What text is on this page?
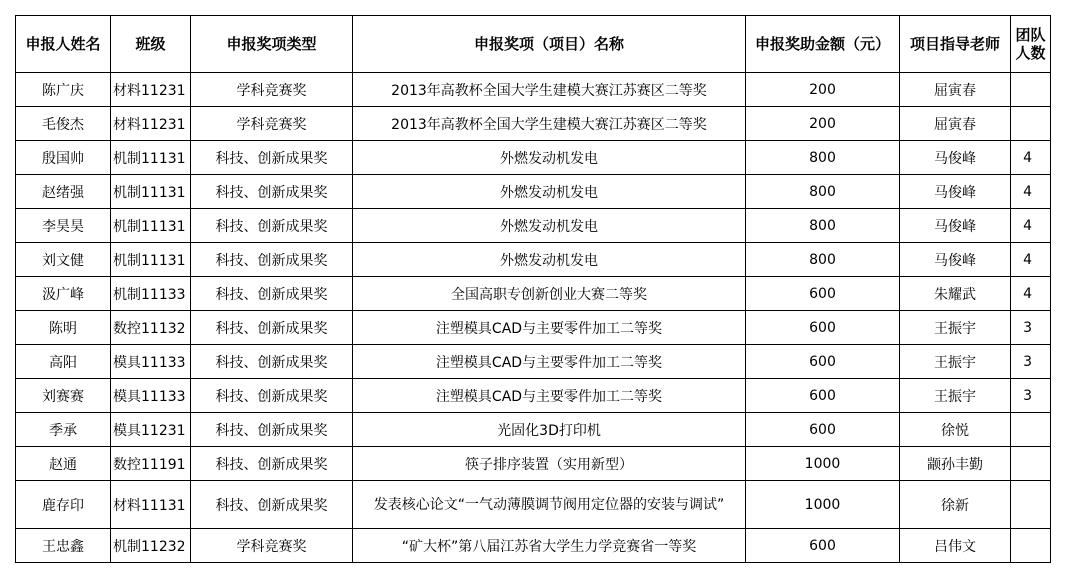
申报人姓名	班级	申报奖项类型	申报奖项（项目）名称	申报奖助金额（元）	项目指导老师	团队人数
陈广庆	材料11231	学科竞赛奖	2013年高教杯全国大学生建模大赛江苏赛区二等奖	200	屈寅春	
毛俊杰	材料11231	学科竞赛奖	2013年高教杯全国大学生建模大赛江苏赛区二等奖	200	屈寅春	
殷国帅	机制11131	科技、创新成果奖	外燃发动机发电	800	马俊峰	4
赵绪强	机制11131	科技、创新成果奖	外燃发动机发电	800	马俊峰	4
李昊昊	机制11131	科技、创新成果奖	外燃发动机发电	800	马俊峰	4
刘文健	机制11131	科技、创新成果奖	外燃发动机发电	800	马俊峰	4
汲广峰	机制11133	科技、创新成果奖	全国高职专创新创业大赛二等奖	600	朱耀武	4
陈明	数控11132	科技、创新成果奖	注塑模具CAD与主要零件加工二等奖	600	王振宇	3
高阳	模具11133	科技、创新成果奖	注塑模具CAD与主要零件加工二等奖	600	王振宇	3
刘赛赛	模具11133	科技、创新成果奖	注塑模具CAD与主要零件加工二等奖	600	王振宇	3
季承	模具11231	科技、创新成果奖	光固化3D打印机	600	徐悦	
赵通	数控11191	科技、创新成果奖	筷子排序装置（实用新型）	1000	颛孙丰勤	
鹿存印	材料11131	科技、创新成果奖	发表核心论文“一气动薄膜调节阀用定位器的安装与调试”	1000	徐新	
王忠鑫	机制11232	学科竞赛奖	“矿大杯”第八届江苏省大学生力学竞赛省一等奖	600	吕伟文	
